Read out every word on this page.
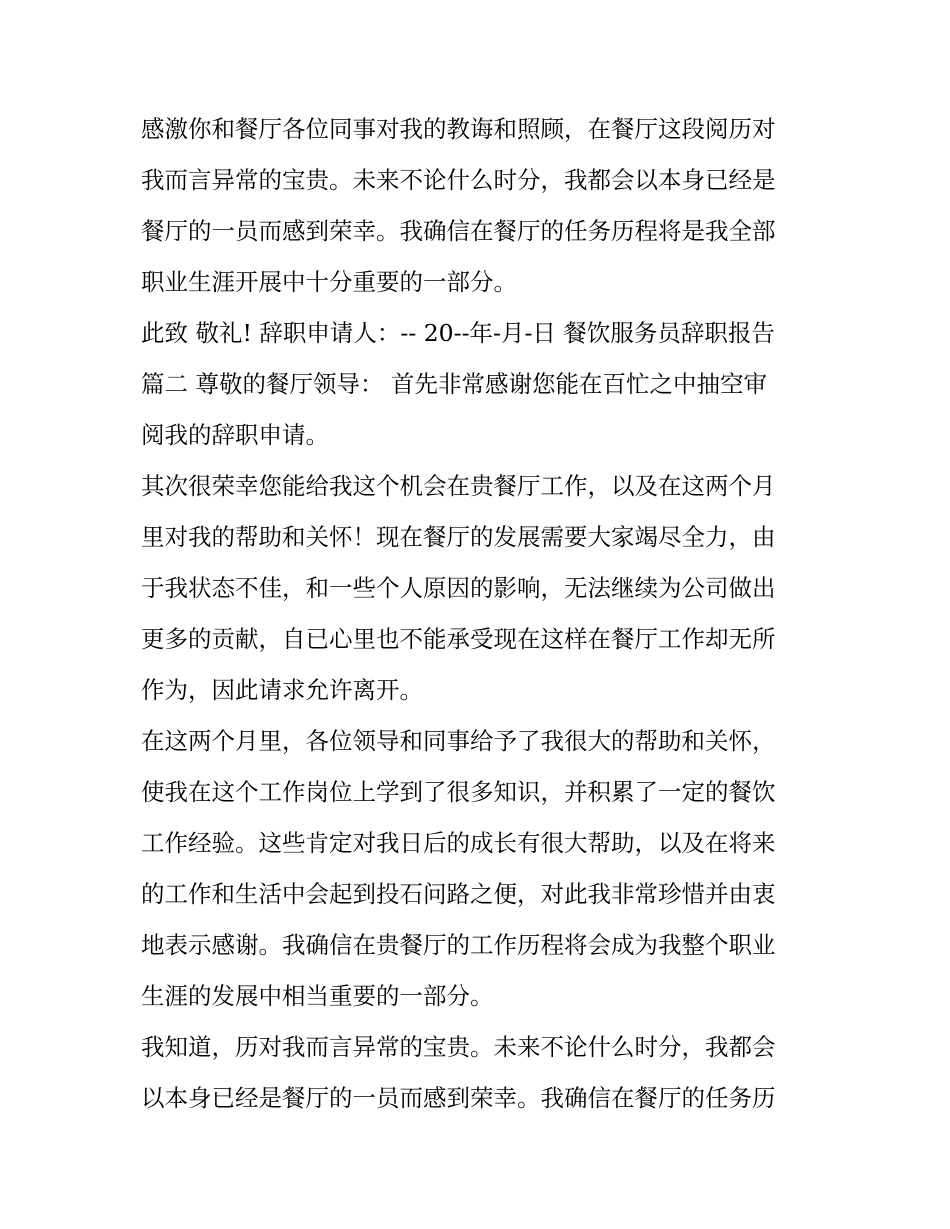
感激你和餐厅各位同事对我的教诲和照顾，在餐厅这段阅历对
我而言异常的宝贵。未来不论什么时分，我都会以本身已经是
餐厅的一员而感到荣幸。我确信在餐厅的任务历程将是我全部
职业生涯开展中十分重要的一部分。
此致 敬礼! 辞职申请人：-- 20--年-月-日 餐饮服务员辞职报告
篇二 尊敬的餐厅领导： 首先非常感谢您能在百忙之中抽空审
阅我的辞职申请。
其次很荣幸您能给我这个机会在贵餐厅工作，以及在这两个月
里对我的帮助和关怀！现在餐厅的发展需要大家竭尽全力，由
于我状态不佳，和一些个人原因的影响，无法继续为公司做出
更多的贡献，自已心里也不能承受现在这样在餐厅工作却无所
作为，因此请求允许离开。
在这两个月里，各位领导和同事给予了我很大的帮助和关怀，
使我在这个工作岗位上学到了很多知识，并积累了一定的餐饮
工作经验。这些肯定对我日后的成长有很大帮助，以及在将来
的工作和生活中会起到投石问路之便，对此我非常珍惜并由衷
地表示感谢。我确信在贵餐厅的工作历程将会成为我整个职业
生涯的发展中相当重要的一部分。
我知道，历对我而言异常的宝贵。未来不论什么时分，我都会
以本身已经是餐厅的一员而感到荣幸。我确信在餐厅的任务历
